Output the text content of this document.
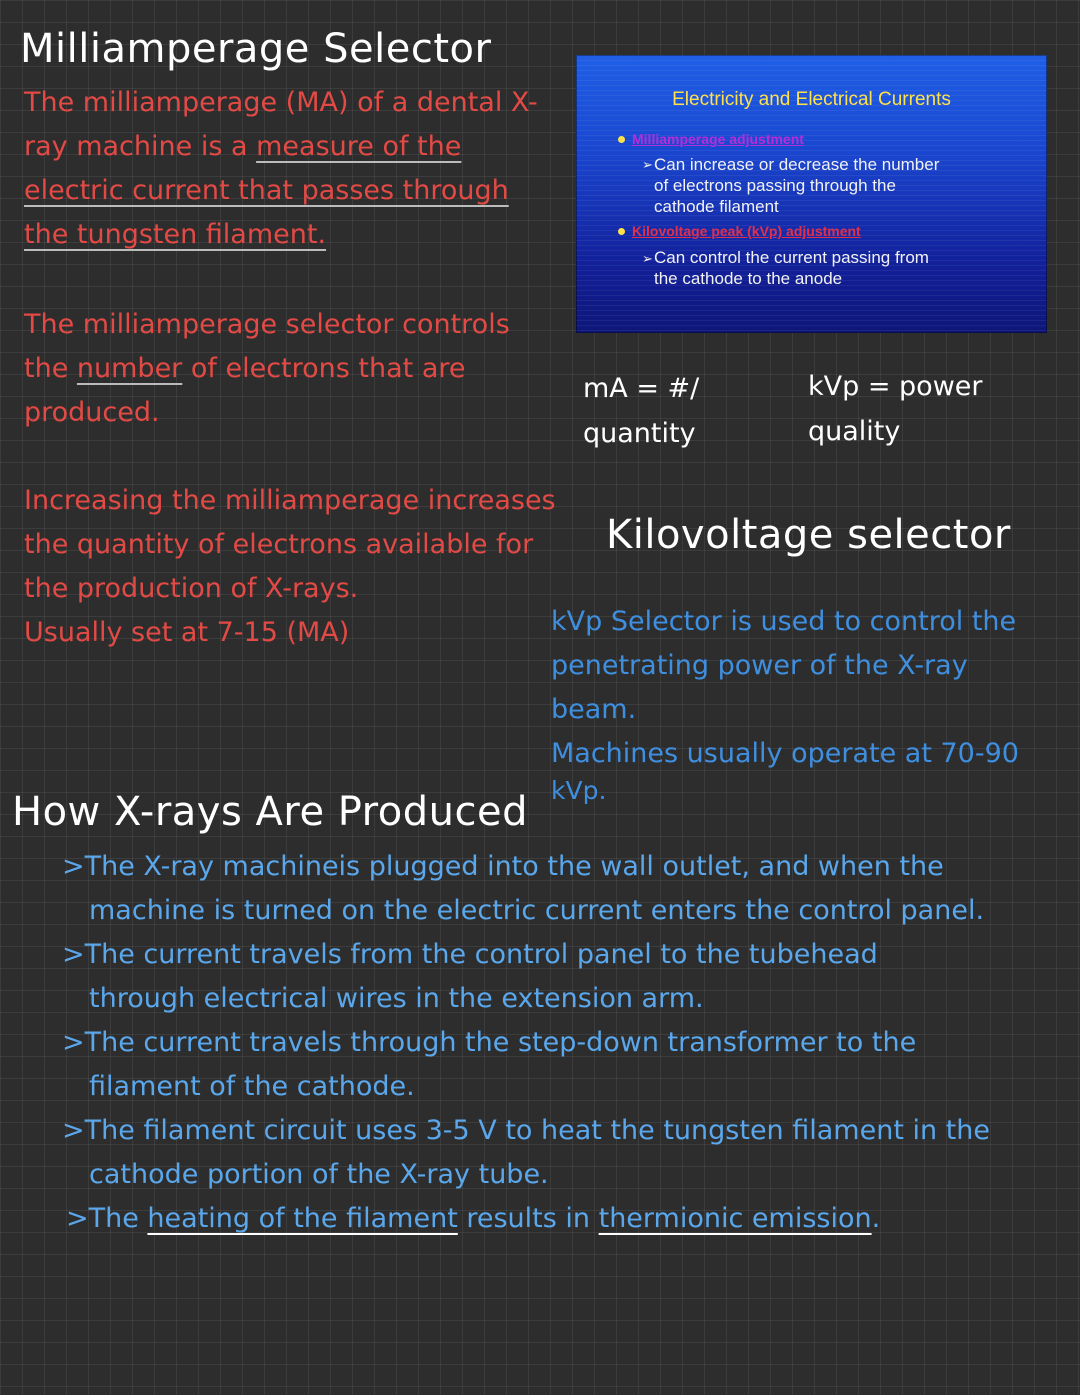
Milliamperage Selector
The milliamperage (MA) of a dental X-
ray machine is a measure of the
electric current that passes through
the tungsten filament.
The milliamperage selector controls
the number of electrons that are
produced.
Increasing the milliamperage increases
the quantity of electrons available for
the production of X-rays.
Usually set at 7-15 (MA)
Electricity and Electrical Currents
Milliamperage adjustment
➢ Can increase or decrease the number
of electrons passing through the
cathode filament
Kilovoltage peak (kVp) adjustment
➢ Can control the current passing from
the cathode to the anode
mA = #/
quantity
kVp = power
quality
Kilovoltage selector
kVp Selector is used to control the
penetrating power of the X-ray
beam.
Machines usually operate at 70-90
kVp.
How X-rays Are Produced
>The X-ray machineis plugged into the wall outlet, and when the
machine is turned on the electric current enters the control panel.
>The current travels from the control panel to the tubehead
through electrical wires in the extension arm.
>The current travels through the step-down transformer to the
filament of the cathode.
>The filament circuit uses 3-5 V to heat the tungsten filament in the
cathode portion of the X-ray tube.
>The heating of the filament results in thermionic emission.
